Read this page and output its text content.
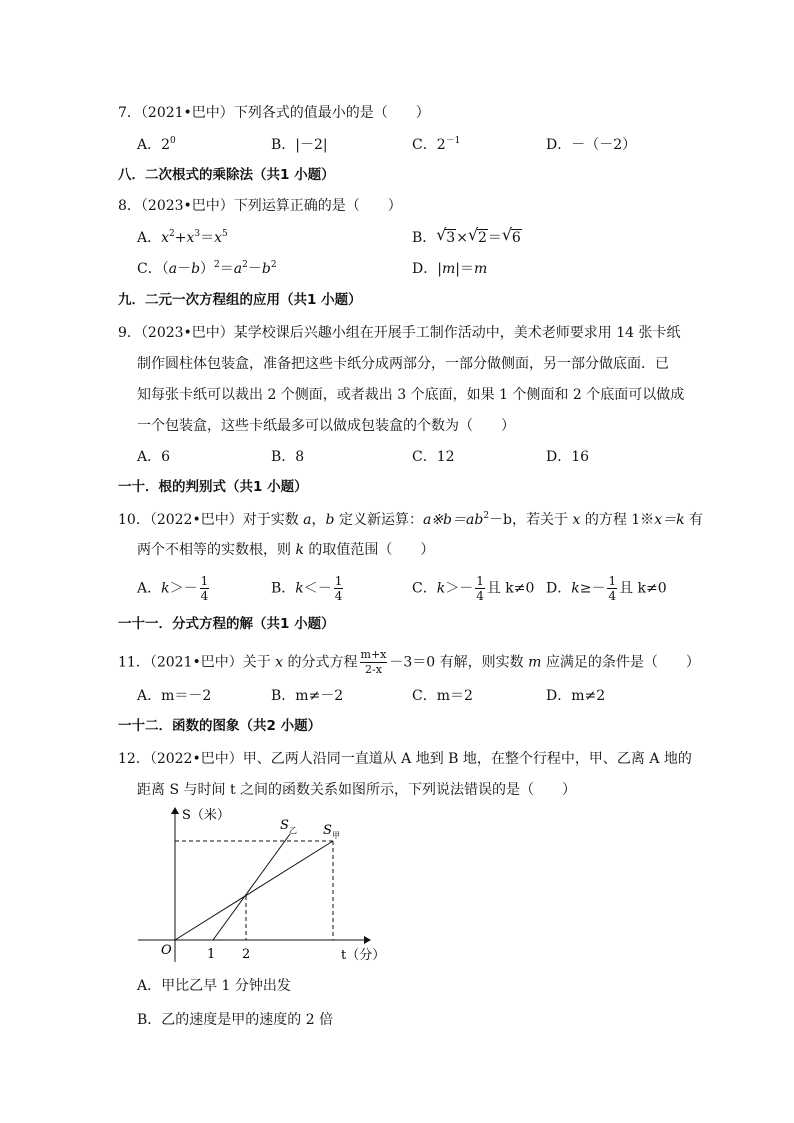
7．（2021•巴中）下列各式的值最小的是（　　）
A．$2^0$	B．|－2|	C．$2^{-1}$	D．－（－2）
八．二次根式的乘除法（共1 小题）
8．（2023•巴中）下列运算正确的是（　　）
A．$x^2+x^3=x^5$	B． √ 3× √ 2＝ √ 6
C．$(a-b)^2=a^2-b^2$	D．|m|＝m
九．二元一次方程组的应用（共1 小题）
9．（2023•巴中）某学校课后兴趣小组在开展手工制作活动中，美术老师要求用 14 张卡纸
制作圆柱体包装盒，准备把这些卡纸分成两部分，一部分做侧面，另一部分做底面．已
知每张卡纸可以裁出 2 个侧面，或者裁出 3 个底面，如果 1 个侧面和 2 个底面可以做成
一个包装盒，这些卡纸最多可以做成包装盒的个数为（　　）
A．6	B．8	C．12	D．16
一十．根的判别式（共1 小题）
10．（2022•巴中）对于实数 a，b 定义新运算：$a※b=ab^2-b$，若关于 x 的方程 1※x＝k 有
两个不相等的实数根，则 k 的取值范围（　　）
A．$k>- \frac{1}{4}$	B．$k<- \frac{1}{4}$	C．$k>- \frac{1}{4}$ 且 k≠0 D．$k\ge- \frac{1}{4}$ 且 k≠0
一十一．分式方程的解（共1 小题）
11．（2021•巴中）关于 x 的分式方程 $\frac{m+x}{2-x} -3=0$ 有解，则实数 m 应满足的条件是（　　）
A．m＝－2	B．m≠－2	C．m＝2	D．m≠2
一十二．函数的图象（共2 小题）
12．（2022•巴中）甲、乙两人沿同一直道从 A 地到 B 地，在整个行程中，甲、乙离 A 地的
距离 S 与时间 t 之间的函数关系如图所示，下列说法错误的是（　　）
S（米）
t（分）
O	1 2
S 乙 S 甲
A．甲比乙早 1 分钟出发
B．乙的速度是甲的速度的 2 倍
